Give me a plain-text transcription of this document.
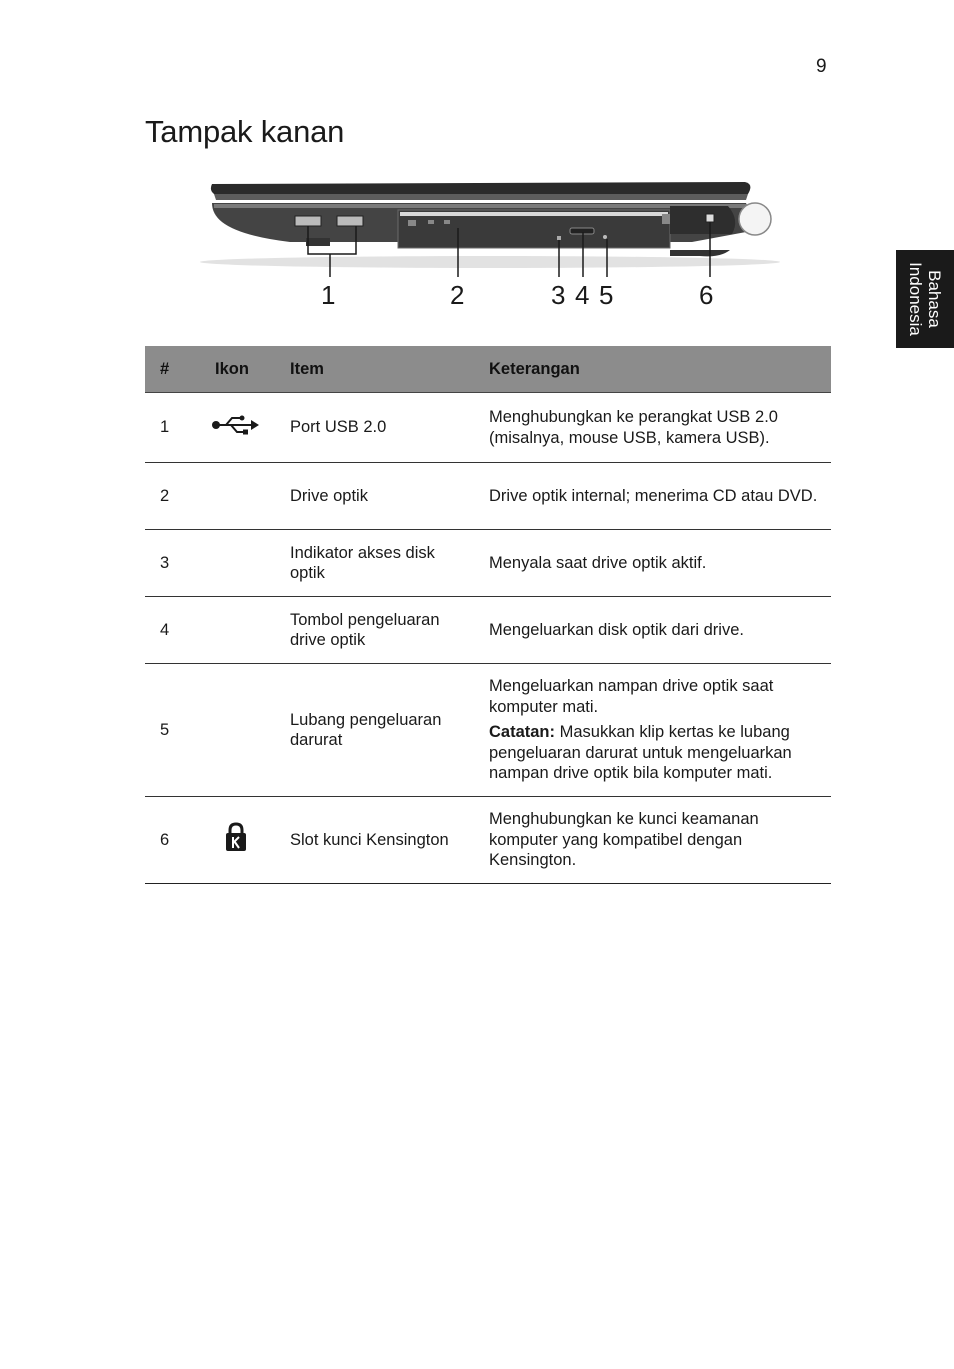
9
Tampak kanan
Bahasa
Indonesia
1	2	3 4 5	6
#	Ikon	Item	Keterangan
1		Port USB 2.0	Menghubungkan ke perangkat USB 2.0 (misalnya, mouse USB, kamera USB).

2		Drive optik	Drive optik internal; menerima CD atau DVD.

3		Indikator akses disk optik	Menyala saat drive optik aktif.

4		Tombol pengeluaran drive optik	Mengeluarkan disk optik dari drive.

5		Lubang pengeluaran darurat	Mengeluarkan nampan drive optik saat komputer mati.

Catatan: Masukkan klip kertas ke lubang pengeluaran darurat untuk mengeluarkan nampan drive optik bila komputer mati.

6		Slot kunci Kensington	Menghubungkan ke kunci keamanan komputer yang kompatibel dengan Kensington.
